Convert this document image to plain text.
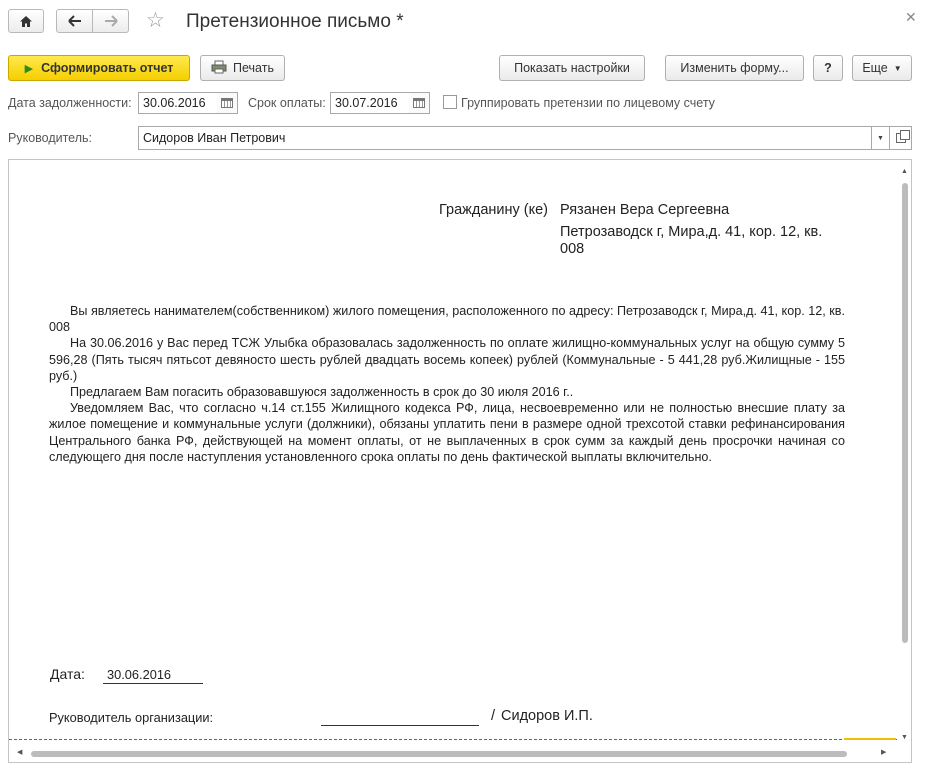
☆ Претензионное письмо *	✕
▶ Сформировать отчет	Печать	Показать настройки	Изменить форму...	?	Еще ▼
Дата задолженности: 30.06.2016	Срок оплаты: 30.07.2016	Группировать претензии по лицевому счету
Руководитель:	Сидоров Иван Петрович	▼
Гражданину (ке) Рязанен Вера Сергеевна
Петрозаводск г, Мира,д. 41, кор. 12, кв.
008

Вы являетесь нанимателем(собственником) жилого помещения, расположенного по адресу: Петрозаводск г, Мира,д. 41, кор. 12, кв. 008

На 30.06.2016 у Вас перед ТСЖ Улыбка образовалась задолженность по оплате жилищно-коммунальных услуг на общую сумму 5 596,28 (Пять тысяч пятьсот девяносто шесть рублей двадцать восемь копеек) рублей (Коммунальные - 5 441,28 руб.Жилищные - 155 руб.)

Предлагаем Вам погасить образовавшуюся задолженность в срок до 30 июля 2016 г..

Уведомляем Вас, что согласно ч.14 ст.155 Жилищного кодекса РФ, лица, несвоевременно или не полностью внесшие плату за жилое помещение и коммунальные услуги (должники), обязаны уплатить пени в размере одной трехсотой ставки рефинансирования Центрального банка РФ, действующей на момент оплаты, от не выплаченных в срок сумм за каждый день просрочки начиная со следующего дня после наступления установленного срока оплаты по день фактической выплаты включительно.

Дата:	30.06.2016
Руководитель организации:	/ Сидоров И.П.
▲
▼
◀	▶
